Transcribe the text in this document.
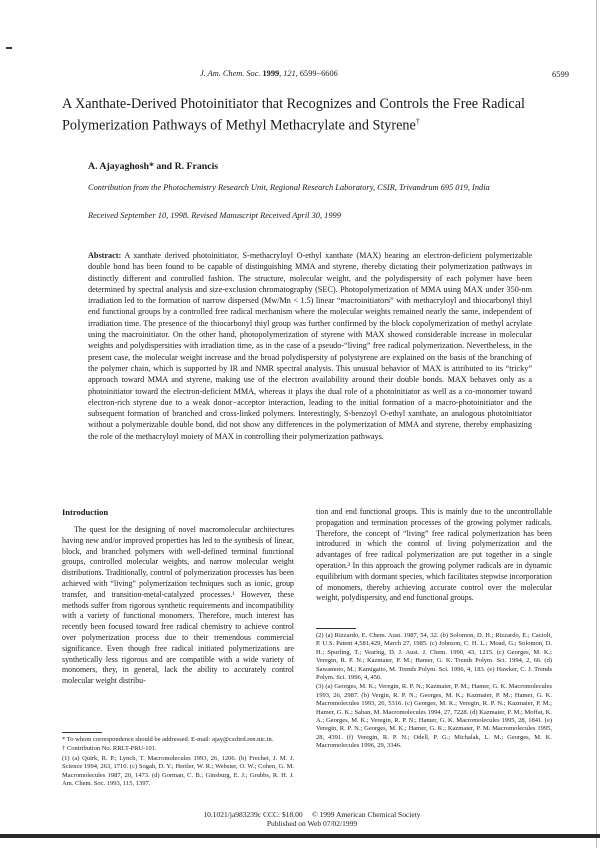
J. Am. Chem. Soc. 1999, 121, 6599−6606	6599
A Xanthate-Derived Photoinitiator that Recognizes and Controls the Free Radical Polymerization Pathways of Methyl Methacrylate and Styrene†
A. Ajayaghosh* and R. Francis
Contribution from the Photochemistry Research Unit, Regional Research Laboratory, CSIR, Trivandrum 695 019, India
Received September 10, 1998. Revised Manuscript Received April 30, 1999
Abstract: A xanthate derived photoinitiator, S-methacryloyl O-ethyl xanthate (MAX) bearing an electron-deficient polymerizable double bond has been found to be capable of distinguishing MMA and styrene, thereby dictating their polymerization pathways in distinctly different and controlled fashion. The structure, molecular weight, and the polydispersity of each polymer have been determined by spectral analysis and size-exclusion chromatography (SEC). Photopolymerization of MMA using MAX under 350-nm irradiation led to the formation of narrow dispersed (Mw/Mn < 1.5) linear “macroinitiators” with methacryloyl and thiocarbonyl thiyl end functional groups by a controlled free radical mechanism where the molecular weights remained nearly the same, independent of irradiation time. The presence of the thiocarbonyl thiyl group was further confirmed by the block copolymerization of methyl acrylate using the macroinitiator. On the other hand, photopolymerization of styrene with MAX showed considerable increase in molecular weights and polydispersities with irradiation time, as in the case of a pseudo-“living” free radical polymerization. Nevertheless, in the present case, the molecular weight increase and the broad polydispersity of polystyrene are explained on the basis of the branching of the polymer chain, which is supported by IR and NMR spectral analysis. This unusual behavior of MAX is attributed to its “tricky” approach toward MMA and styrene, making use of the electron availability around their double bonds. MAX behaves only as a photoinitiator toward the electron-deficient MMA, whereas it plays the dual role of a photoinitiator as well as a co-monomer toward electron-rich styrene due to a weak donor−acceptor interaction, leading to the initial formation of a macro-photoinitiator and the subsequent formation of branched and cross-linked polymers. Interestingly, S-benzoyl O-ethyl xanthate, an analogous photoinitiator without a polymerizable double bond, did not show any differences in the polymerization of MMA and styrene, thereby emphasizing the role of the methacryloyl moiety of MAX in controlling their polymerization pathways.
Introduction
The quest for the designing of novel macromolecular architectures having new and/or improved properties has led to the synthesis of linear, block, and branched polymers with well-defined terminal functional groups, controlled molecular weights, and narrow molecular weight distributions. Traditionally, control of polymerization processes has been achieved with “living” polymerization techniques such as ionic, group transfer, and transition-metal-catalyzed processes.¹ However, these methods suffer from rigorous synthetic requirements and incompatibility with a variety of functional monomers. Therefore, much interest has recently been focused toward free radical chemistry to achieve control over polymerization process due to their tremendous commercial significance. Even though free radical initiated polymerizations are synthetically less rigorous and are compatible with a wide variety of monomers, they, in general, lack the ability to accurately control molecular weight distribu-
tion and end functional groups. This is mainly due to the uncontrollable propagation and termination processes of the growing polymer radicals. Therefore, the concept of “living” free radical polymerization has been introduced in which the control of living polymerization and the advantages of free radical polymerization are put together in a single operation.² In this approach the growing polymer radicals are in dynamic equilibrium with dormant species, which facilitates stepwise incorporation of monomers, thereby achieving accurate control over the molecular weight, polydispersity, and end functional groups.

* To whom correspondence should be addressed. E-mail: ajay@csrltrd.ren.nic.in.

† Contribution No. RRLT-PRU-101.

(1) (a) Quirk, R. P.; Lynch, T. Macromolecules 1993, 26, 1206. (b) Frechet, J. M. J. Science 1994, 263, 1710. (c) Sogah, D. Y.; Hertler, W. R.; Webster, O. W.; Cohen, G. M. Macromolecules 1987, 20, 1473. (d) Gorman, C. B.; Ginsburg, E. J.; Grubbs, R. H. J. Am. Chem. Soc. 1993, 115, 1397.

(2) (a) Rizzardo, E. Chem. Aust. 1987, 54, 32. (b) Solomon, D. H.; Rizzardo, E.; Cacioli, P. U.S. Patent 4,581,429, March 27, 1985. (c) Johnson, C. H. L.; Moad, G.; Solomon, D. H.; Spurling, T.; Vearing, D. J. Aust. J. Chem. 1990, 43, 1215. (c) Georges, M. K.; Veregin, R. P. N.; Kazmaier, P. M.; Hamer, G. K. Trends Polym. Sci. 1994, 2, 66. (d) Sawamoto, M.; Kamigaito, M. Trends Polym. Sci. 1996, 4, 183. (e) Hawker, C. J. Trends Polym. Sci. 1996, 4, 456.

(3) (a) Georges, M. K.; Veregin, R. P. N.; Kazmaier, P. M.; Hamer, G. K. Macromolecules 1993, 26, 2987. (b) Vergin, R. P. N.; Georges, M. K.; Kazmaier, P. M.; Hamer, G. K. Macromolecules 1993, 26, 5316. (c) Georges, M. K.; Veregin, R. P. N.; Kazmaier, P. M.; Hamer, G. K.; Saban, M. Macromolecules 1994, 27, 7228. (d) Kazmaier, P. M.; Moffat, K. A.; Georges, M. K.; Veregin, R. P. N.; Hamer, G. K. Macromolecules 1995, 28, 1841. (e) Veregin, R. P. N.; Georges, M. K.; Hamer, G. K.; Kazmaier, P. M. Macromolecules 1995, 28, 4391. (f) Veregin, R. P. N.; Odell, P. G.; Michalak, L. M.; Georges, M. K. Macromolecules 1996, 29, 3346.

10.1021/ja983239c CCC: $18.00     © 1999 American Chemical Society
Published on Web 07/02/1999
